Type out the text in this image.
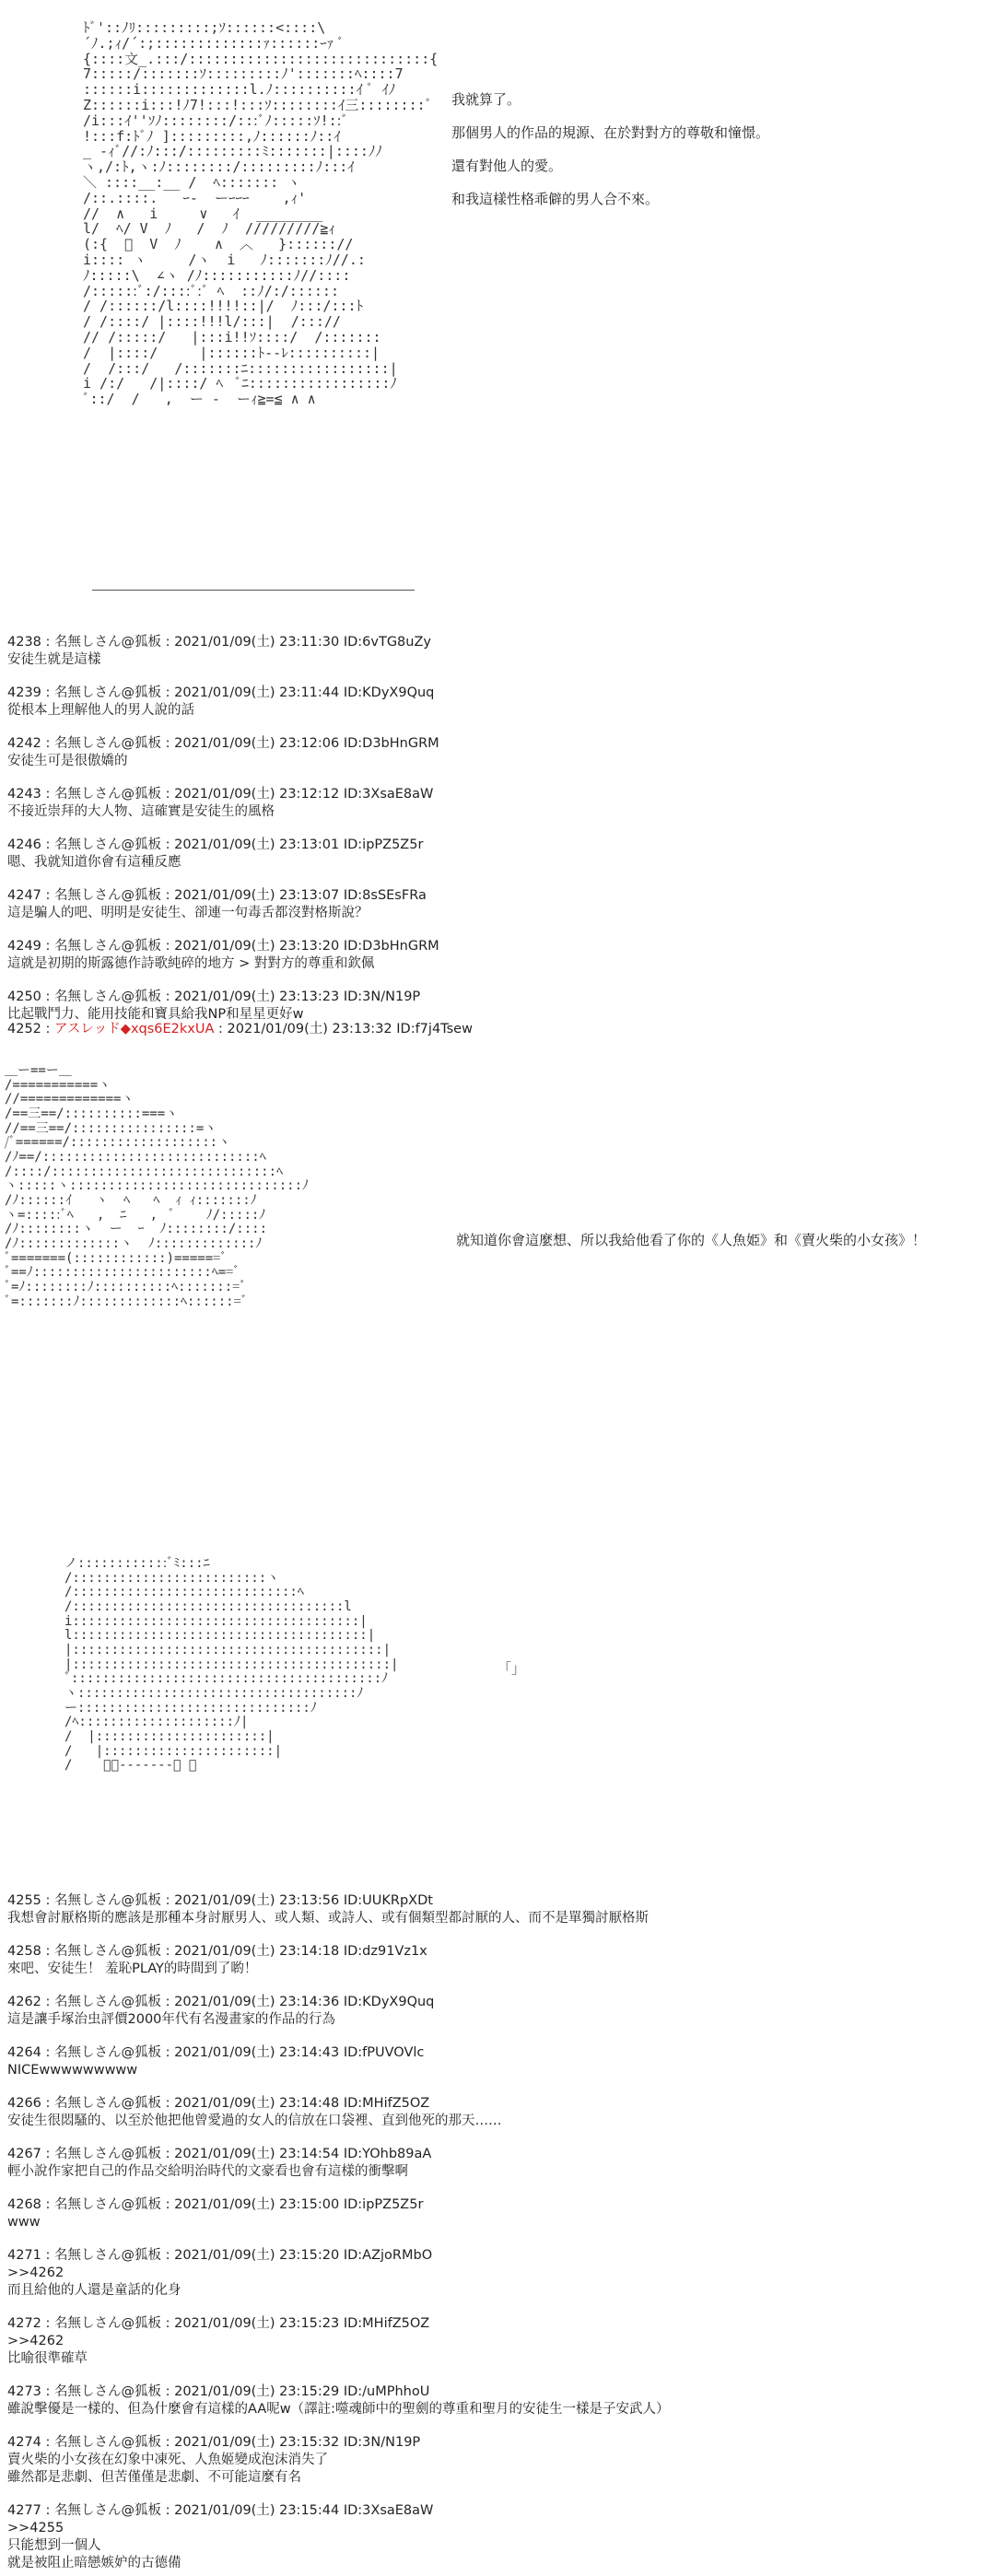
ﾄﾞ'::ﾉﾘ:::::::::;ｿ::::::<::::\
´ﾉ.;ｨ/´:;:::::::::::::ｧ::::::ｰｧ ﾞ
{::::文_.:::/:::::::::::::::::::::::::::::{
7:::::/:::::::ｿ:::::::::ﾉ':::::::ﾍ::::7
::::::i:::::::::::::l.ﾉ::::::::::ｲ ﾞ ｲﾉ
Z::::::i:::!ﾉ7!:::!:::ｿ::::::::ｲ三::::::::ﾞ
/i:::ｲ''ｿﾉ::::::::/:::ﾞﾉ:::::ｿ!::ﾞ
!:::f:ﾄﾞﾉ ]:::::::::,ﾉ::::::ﾉ::ｲ
_ -ｨﾞ//:ﾉ:::/:::::::::ﾐ:::::::|::::ﾉﾉ
ヽ,/:ﾄ,ヽ:ﾉ::::::::/:::::::::ﾉ:::ｲ
＼ ::::__:__ /  ﾍ::::::: ヽ
/::.::::.   ｰ-  ーｰｰｰ    ,ｨ'
//  ∧   i     ∨   ｲ  ________
l/  ﾍ/ V  ﾉ   /  ﾉ  /////////≧ｨ
(:{  ﾞ  V  ﾉ    ∧  ︿   }:::::://
i:::: ヽ     /ヽ  i   ﾉ:::::::ﾉ//.:
ﾉ:::::\  ∠ヽ /ﾉ:::::::::::ﾉ//::::
/::::::ﾞ:/::::ﾞ:ﾞ ﾍ  ::ﾉ/:/::::::
/ /::::::/l::::!!!!::|/  ﾉ:::/:::ﾄ
/ /::::/ |::::!!!l/:::|  /::://
// /:::::/   |:::i!!ｿ::::/  /:::::::
/  |::::/     |::::::ﾄ--ﾚ::::::::::|
/  /:::/   /:::::::ﾆ:::::::::::::::::|
i /:/   /|::::/ ﾍ  ﾞﾆ:::::::::::::::::ﾉ
ﾞ::/  /   ,  ー -  ーｨ≧=≦ ∧ ∧
我就算了。
那個男人的作品的規源、在於對對方的尊敬和憧憬。
還有對他人的愛。
和我這樣性格乖僻的男人合不來。
4238 : 名無しさん@狐板 : 2021/01/09(土) 23:11:30 ID:6vTG8uZy
安徒生就是這樣
4239 : 名無しさん@狐板 : 2021/01/09(土) 23:11:44 ID:KDyX9Quq
從根本上理解他人的男人說的話
4242 : 名無しさん@狐板 : 2021/01/09(土) 23:12:06 ID:D3bHnGRM
安徒生可是很傲嬌的
4243 : 名無しさん@狐板 : 2021/01/09(土) 23:12:12 ID:3XsaE8aW
不接近崇拜的大人物、這確實是安徒生的風格
4246 : 名無しさん@狐板 : 2021/01/09(土) 23:13:01 ID:ipPZ5Z5r
嗯、我就知道你會有這種反應
4247 : 名無しさん@狐板 : 2021/01/09(土) 23:13:07 ID:8sSEsFRa
這是騙人的吧、明明是安徒生、卻連一句毒舌都沒對格斯說？
4249 : 名無しさん@狐板 : 2021/01/09(土) 23:13:20 ID:D3bHnGRM
這就是初期的斯露德作詩歌純碎的地方 > 對對方的尊重和欽佩
4250 : 名無しさん@狐板 : 2021/01/09(土) 23:13:23 ID:3N/N19P
比起戰鬥力、能用技能和寶具給我NP和星星更好w
4252 : アスレッド◆xqs6E2kxUA : 2021/01/09(土) 23:13:32 ID:f7j4Tsew
＿ー==ー＿
/===========ヽ
//=============ヽ
/==三==/::::::::::===ヽ
//==三==/::::::::::::::::=ヽ
/ﾞ======/:::::::::::::::::::ヽ
/ﾉ==/::::::::::::::::::::::::::::ﾍ
/::::/:::::::::::::::::::::::::::::ﾍ
ヽ:::::ヽ::::::::::::::::::::::::::::::ﾉ
/ﾉ::::::ｲ   ヽ  ﾍ   ﾍ  ｨ ｨ:::::::ﾉ
ヽ=:::::ﾞﾍ   ,  ﾆ   ,  ﾞ    ﾉ/:::::ﾉ
/ﾉ::::::::ヽ  ー  ｰ  ﾉ::::::::/::::
/ﾉ:::::::::::::ヽ  ﾉ:::::::::::::ﾉ
ﾞ=======(::::::::::::)======ﾞ
ﾞ==ﾉ:::::::::::::::::::::::ﾍ==ﾞ
ﾞ=ﾉ::::::::ﾉ::::::::::ﾍ:::::::=ﾞ
ﾞ=:::::::ﾉ:::::::::::::ﾍ::::::=ﾞ
就知道你會這麼想、所以我給他看了你的《人魚姫》和《賣火柴的小女孩》！
ノ::::::::::::ﾞﾐ:::ﾆ
/:::::::::::::::::::::::::ヽ
/:::::::::::::::::::::::::::::ﾍ
/:::::::::::::::::::::::::::::::::::l
i:::::::::::::::::::::::::::::::::::::|
l::::::::::::::::::::::::::::::::::::::|
|::::::::::::::::::::::::::::::::::::::::|
|:::::::::::::::::::::::::::::::::::::::::|
ﾞ::::::::::::::::::::::::::::::::::::::::ﾉ
ヽ::::::::::::::::::::::::::::::::::::ﾉ
ー::::::::::::::::::::::::::::::ﾉ
/ﾍ::::::::::::::::::::ﾉ|
/  |::::::::::::::::::::::|
/   |::::::::::::::::::::::|
/    ﾞー-------ー ﾞ
「」
4255 : 名無しさん@狐板 : 2021/01/09(土) 23:13:56 ID:UUKRpXDt
我想會討厭格斯的應該是那種本身討厭男人、或人類、或詩人、或有個類型都討厭的人、而不是單獨討厭格斯
4258 : 名無しさん@狐板 : 2021/01/09(土) 23:14:18 ID:dz91Vz1x
來吧、安徒生！ 羞恥PLAY的時間到了喲！
4262 : 名無しさん@狐板 : 2021/01/09(土) 23:14:36 ID:KDyX9Quq
這是讓手塚治虫評價2000年代有名漫畫家的作品的行為
4264 : 名無しさん@狐板 : 2021/01/09(土) 23:14:43 ID:fPUVOVlc
NICEwwwwwwwww
4266 : 名無しさん@狐板 : 2021/01/09(土) 23:14:48 ID:MHifZ5OZ
安徒生很悶騷的、以至於他把他曾愛過的女人的信放在口袋裡、直到他死的那天……
4267 : 名無しさん@狐板 : 2021/01/09(土) 23:14:54 ID:YOhb89aA
輕小說作家把自己的作品交給明治時代的文豪看也會有這樣的衝擊啊
4268 : 名無しさん@狐板 : 2021/01/09(土) 23:15:00 ID:ipPZ5Z5r
www
4271 : 名無しさん@狐板 : 2021/01/09(土) 23:15:20 ID:AZjoRMbO
>>4262
而且給他的人還是童話的化身
4272 : 名無しさん@狐板 : 2021/01/09(土) 23:15:23 ID:MHifZ5OZ
>>4262
比喻很準確草
4273 : 名無しさん@狐板 : 2021/01/09(土) 23:15:29 ID:/uMPhhoU
雖說擊優是一樣的、但為什麼會有這樣的AA呢w（譯註:噬魂師中的聖劍的尊重和聖月的安徒生一樣是子安武人）
4274 : 名無しさん@狐板 : 2021/01/09(土) 23:15:32 ID:3N/N19P
賣火柴的小女孩在幻象中凍死、人魚姬變成泡沫消失了
雖然都是悲劇、但苦僅僅是悲劇、不可能這麼有名
4277 : 名無しさん@狐板 : 2021/01/09(土) 23:15:44 ID:3XsaE8aW
>>4255
只能想到一個人
就是被阻止暗戀嫉妒的古德備
